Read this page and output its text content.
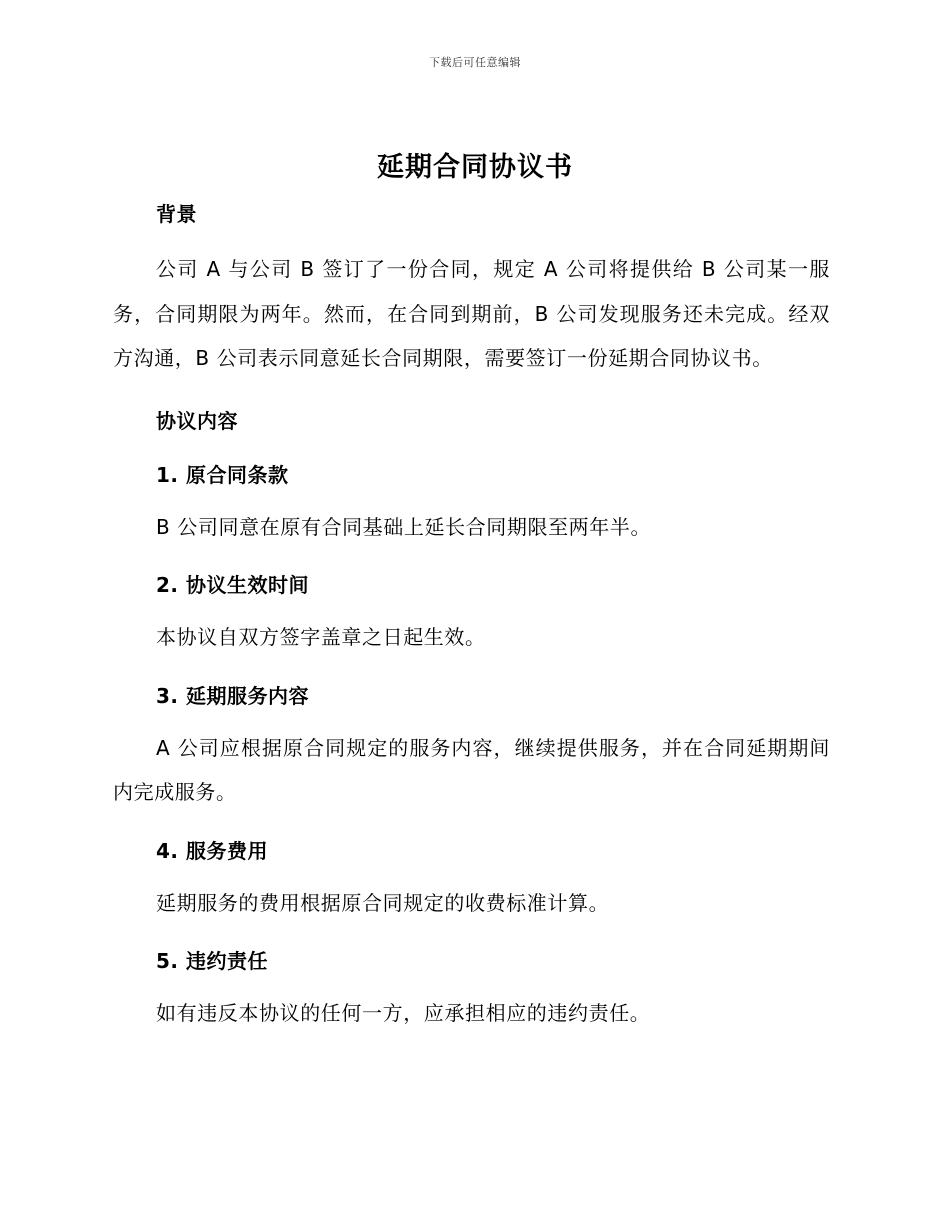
下载后可任意编辑
延期合同协议书

背景

公司 A 与公司 B 签订了一份合同，规定 A 公司将提供给 B 公司某一服务，合同期限为两年。然而，在合同到期前，B 公司发现服务还未完成。经双方沟通，B 公司表示同意延长合同期限，需要签订一份延期合同协议书。

协议内容

1. 原合同条款

B 公司同意在原有合同基础上延长合同期限至两年半。

2. 协议生效时间

本协议自双方签字盖章之日起生效。

3. 延期服务内容

A 公司应根据原合同规定的服务内容，继续提供服务，并在合同延期期间内完成服务。

4. 服务费用

延期服务的费用根据原合同规定的收费标准计算。

5. 违约责任

如有违反本协议的任何一方，应承担相应的违约责任。
